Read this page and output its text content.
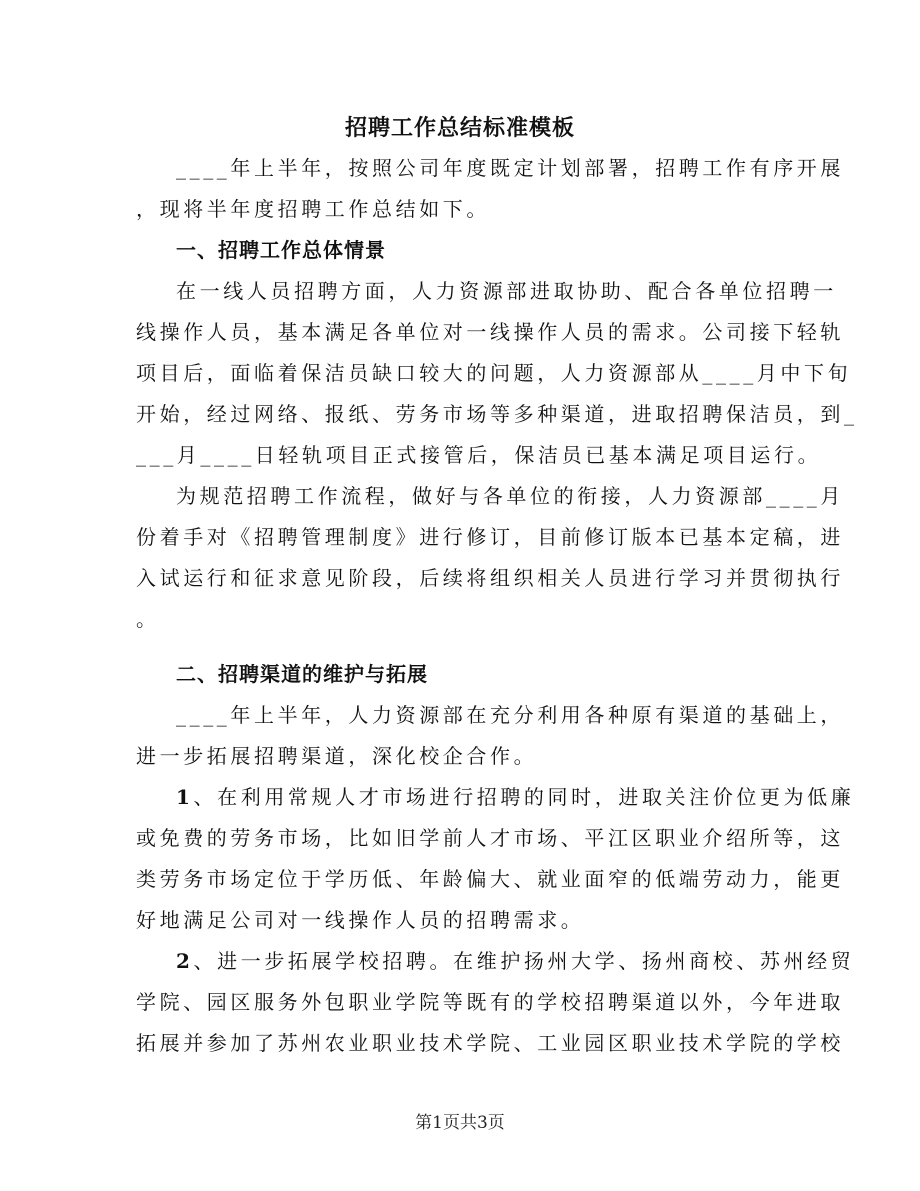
招聘工作总结标准模板
____年上半年，按照公司年度既定计划部署，招聘工作有序开展
，现将半年度招聘工作总结如下。
一、招聘工作总体情景
在一线人员招聘方面，人力资源部进取协助、配合各单位招聘一
线操作人员，基本满足各单位对一线操作人员的需求。公司接下轻轨
项目后，面临着保洁员缺口较大的问题，人力资源部从____月中下旬
开始，经过网络、报纸、劳务市场等多种渠道，进取招聘保洁员，到_
___月____日轻轨项目正式接管后，保洁员已基本满足项目运行。
为规范招聘工作流程，做好与各单位的衔接，人力资源部____月
份着手对《招聘管理制度》进行修订，目前修订版本已基本定稿，进
入试运行和征求意见阶段，后续将组织相关人员进行学习并贯彻执行
。
二、招聘渠道的维护与拓展
____年上半年，人力资源部在充分利用各种原有渠道的基础上，
进一步拓展招聘渠道，深化校企合作。
1、在利用常规人才市场进行招聘的同时，进取关注价位更为低廉
或免费的劳务市场，比如旧学前人才市场、平江区职业介绍所等，这
类劳务市场定位于学历低、年龄偏大、就业面窄的低端劳动力，能更
好地满足公司对一线操作人员的招聘需求。
2、进一步拓展学校招聘。在维护扬州大学、扬州商校、苏州经贸
学院、园区服务外包职业学院等既有的学校招聘渠道以外，今年进取
拓展并参加了苏州农业职业技术学院、工业园区职业技术学院的学校
第1页共3页
